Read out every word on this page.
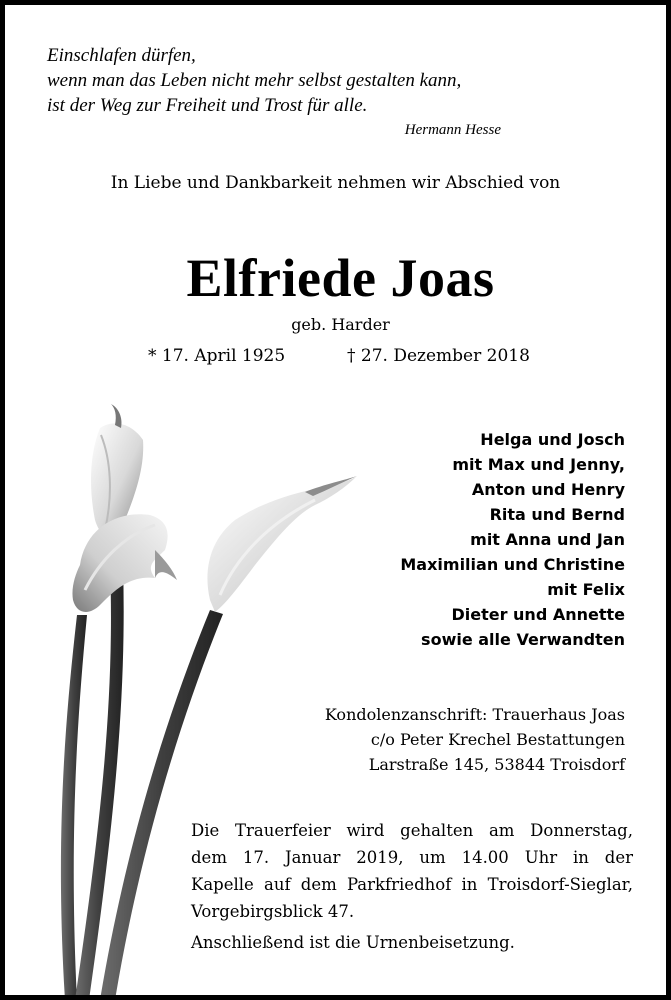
Einschlafen dürfen,
wenn man das Leben nicht mehr selbst gestalten kann,
ist der Weg zur Freiheit und Trost für alle.
Hermann Hesse
In Liebe und Dankbarkeit nehmen wir Abschied von
Elfriede Joas
geb. Harder
* 17. April 1925	† 27. Dezember 2018
Helga und Josch
mit Max und Jenny,
Anton und Henry
Rita und Bernd
mit Anna und Jan
Maximilian und Christine
mit Felix
Dieter und Annette
sowie alle Verwandten
Kondolenzanschrift: Trauerhaus Joas
c/o Peter Krechel Bestattungen
Larstraße 145, 53844 Troisdorf
Die Trauerfeier wird gehalten am Donnerstag,
dem 17. Januar 2019, um 14.00 Uhr in der
Kapelle auf dem Parkfriedhof in Troisdorf-Sieglar,
Vorgebirgsblick 47.
Anschließend ist die Urnenbeisetzung.
